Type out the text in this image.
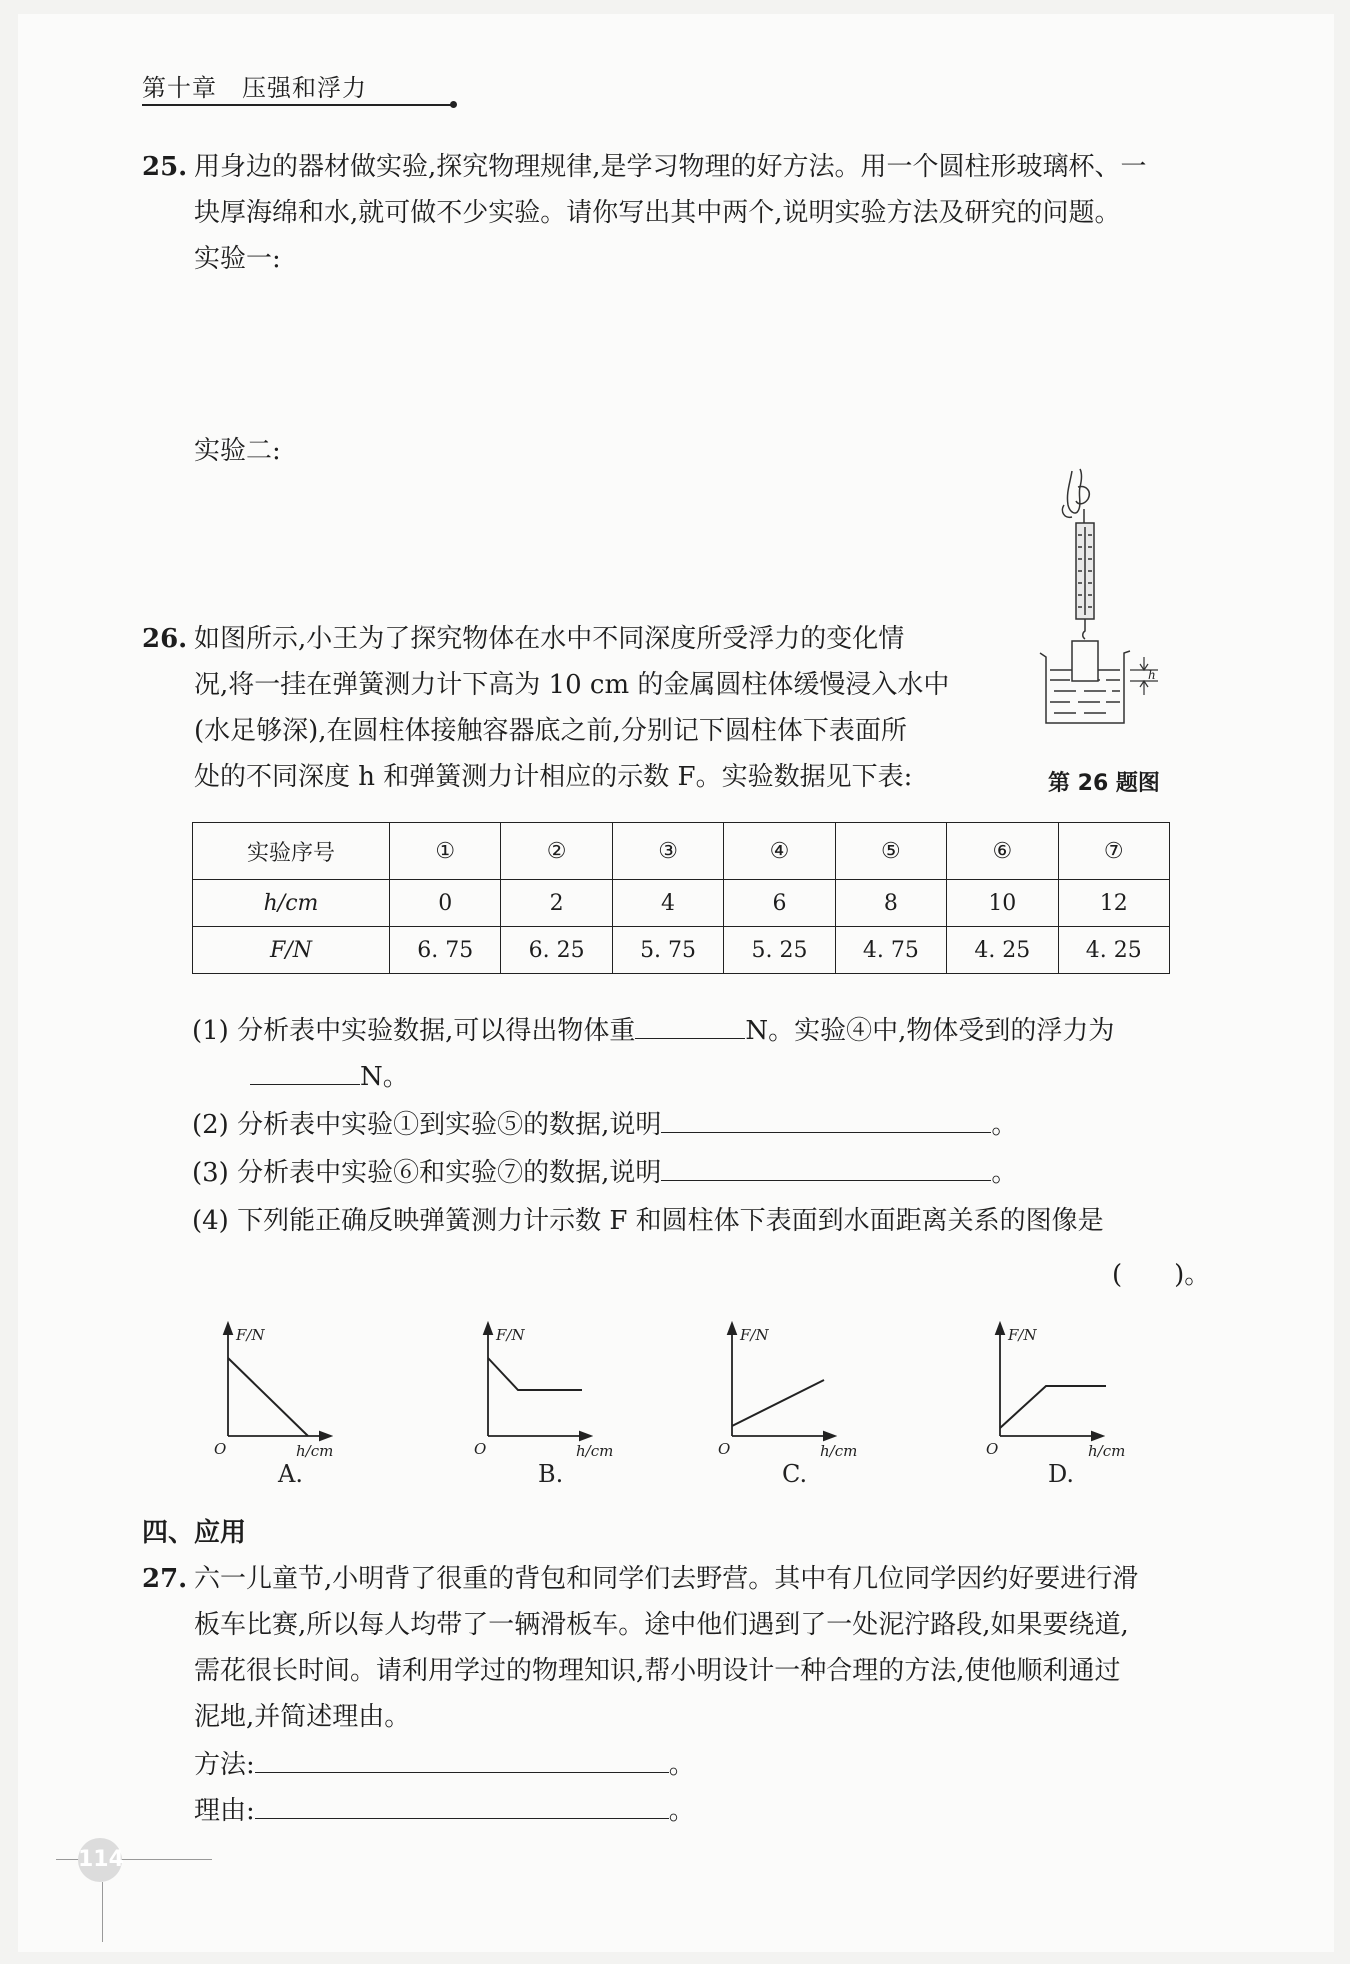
第十章　压强和浮力
25. 用身边的器材做实验,探究物理规律,是学习物理的好方法。用一个圆柱形玻璃杯、一
块厚海绵和水,就可做不少实验。请你写出其中两个,说明实验方法及研究的问题。
实验一:
实验二:
26. 如图所示,小王为了探究物体在水中不同深度所受浮力的变化情
况,将一挂在弹簧测力计下高为 10 cm 的金属圆柱体缓慢浸入水中
(水足够深),在圆柱体接触容器底之前,分别记下圆柱体下表面所
处的不同深度 h 和弹簧测力计相应的示数 F。实验数据见下表:
h
第 26 题图
实验序号	①	②	③	④	⑤	⑥	⑦
h/cm	0	2	4	6	8	10	12
F/N	6. 75	6. 25	5. 75	5. 25	4. 75	4. 25	4. 25
(1) 分析表中实验数据,可以得出物体重	N。实验④中,物体受到的浮力为
N。
(2) 分析表中实验①到实验⑤的数据,说明	。
(3) 分析表中实验⑥和实验⑦的数据,说明	。
(4) 下列能正确反映弹簧测力计示数 F 和圆柱体下表面到水面距离关系的图像是
(　　)。
F/N
O	h/cm
A.
F/N
O	h/cm
B.
F/N
O	h/cm
C.
F/N
O	h/cm
D.
四、应用
27. 六一儿童节,小明背了很重的背包和同学们去野营。其中有几位同学因约好要进行滑
板车比赛,所以每人均带了一辆滑板车。途中他们遇到了一处泥泞路段,如果要绕道,
需花很长时间。请利用学过的物理知识,帮小明设计一种合理的方法,使他顺利通过
泥地,并简述理由。
方法:	。
理由:	。
114
